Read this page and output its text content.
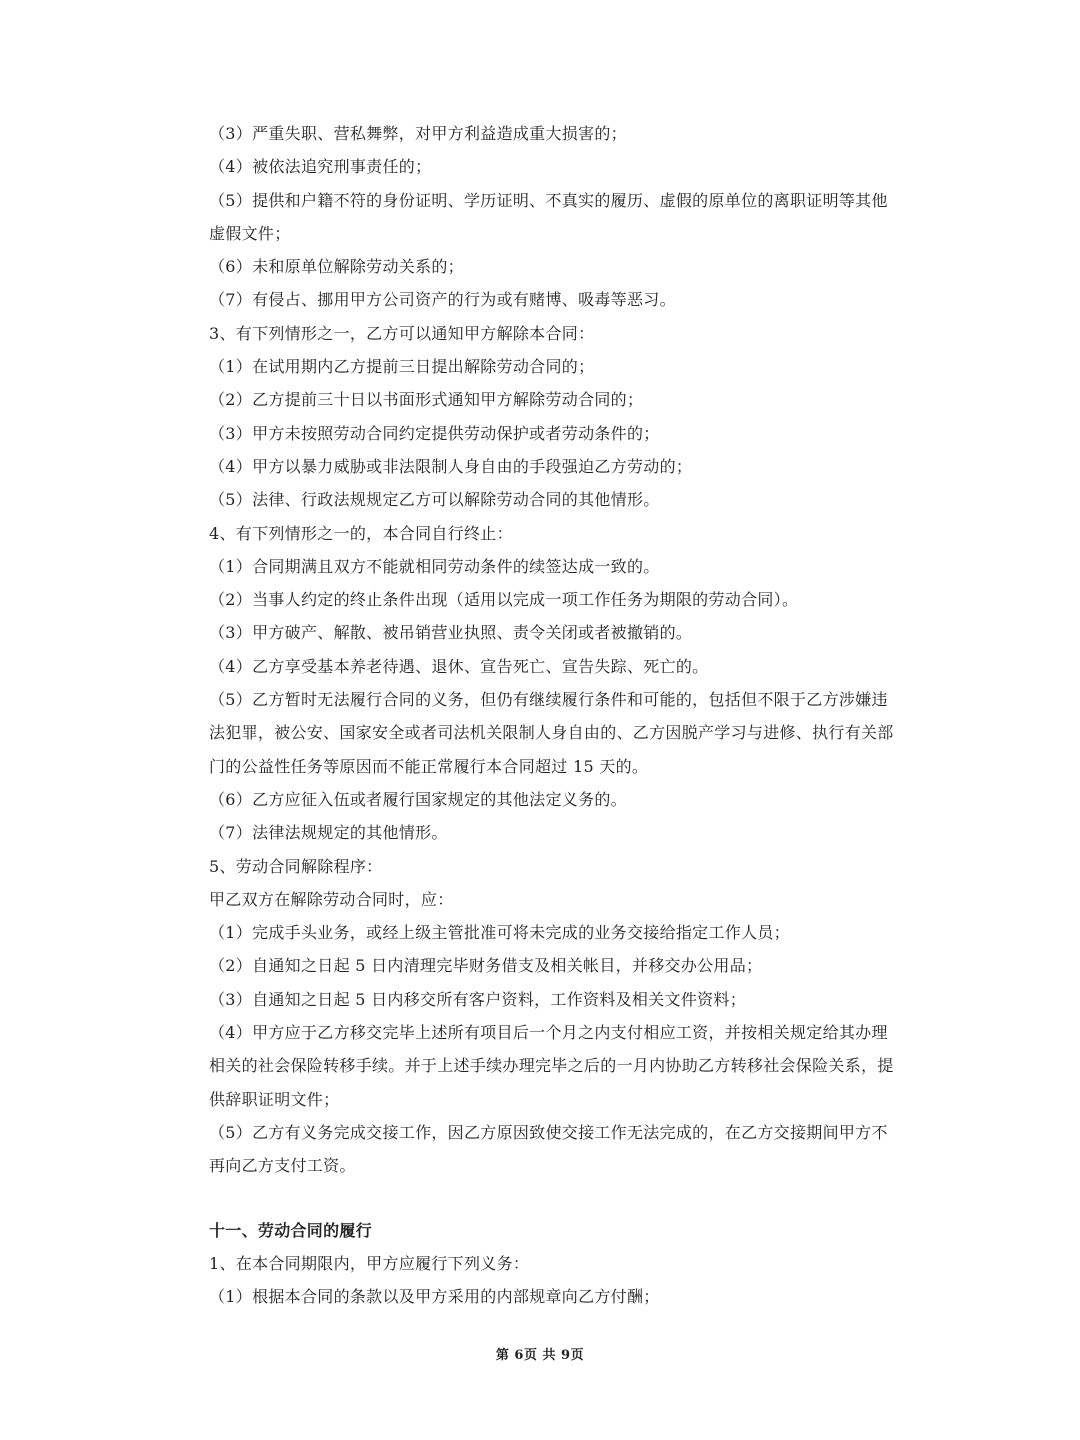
（3）严重失职、营私舞弊，对甲方利益造成重大损害的；
（4）被依法追究刑事责任的；
（5）提供和户籍不符的身份证明、学历证明、不真实的履历、虚假的原单位的离职证明等其他虚假文件；
（6）未和原单位解除劳动关系的；
（7）有侵占、挪用甲方公司资产的行为或有赌博、吸毒等恶习。
3、有下列情形之一，乙方可以通知甲方解除本合同：
（1）在试用期内乙方提前三日提出解除劳动合同的；
（2）乙方提前三十日以书面形式通知甲方解除劳动合同的；
（3）甲方未按照劳动合同约定提供劳动保护或者劳动条件的；
（4）甲方以暴力威胁或非法限制人身自由的手段强迫乙方劳动的；
（5）法律、行政法规规定乙方可以解除劳动合同的其他情形。
4、有下列情形之一的，本合同自行终止：
（1）合同期满且双方不能就相同劳动条件的续签达成一致的。
（2）当事人约定的终止条件出现（适用以完成一项工作任务为期限的劳动合同）。
（3）甲方破产、解散、被吊销营业执照、责令关闭或者被撤销的。
（4）乙方享受基本养老待遇、退休、宣告死亡、宣告失踪、死亡的。
（5）乙方暂时无法履行合同的义务，但仍有继续履行条件和可能的，包括但不限于乙方涉嫌违法犯罪，被公安、国家安全或者司法机关限制人身自由的、乙方因脱产学习与进修、执行有关部门的公益性任务等原因而不能正常履行本合同超过 15 天的。
（6）乙方应征入伍或者履行国家规定的其他法定义务的。
（7）法律法规规定的其他情形。
5、劳动合同解除程序：
甲乙双方在解除劳动合同时，应：
（1）完成手头业务，或经上级主管批准可将未完成的业务交接给指定工作人员；
（2）自通知之日起 5 日内清理完毕财务借支及相关帐目，并移交办公用品；
（3）自通知之日起 5 日内移交所有客户资料，工作资料及相关文件资料；
（4）甲方应于乙方移交完毕上述所有项目后一个月之内支付相应工资，并按相关规定给其办理相关的社会保险转移手续。并于上述手续办理完毕之后的一月内协助乙方转移社会保险关系，提供辞职证明文件；
（5）乙方有义务完成交接工作，因乙方原因致使交接工作无法完成的，在乙方交接期间甲方不再向乙方支付工资。
十一、劳动合同的履行
1、在本合同期限内，甲方应履行下列义务：
（1）根据本合同的条款以及甲方采用的内部规章向乙方付酬；
第 6页 共 9页
